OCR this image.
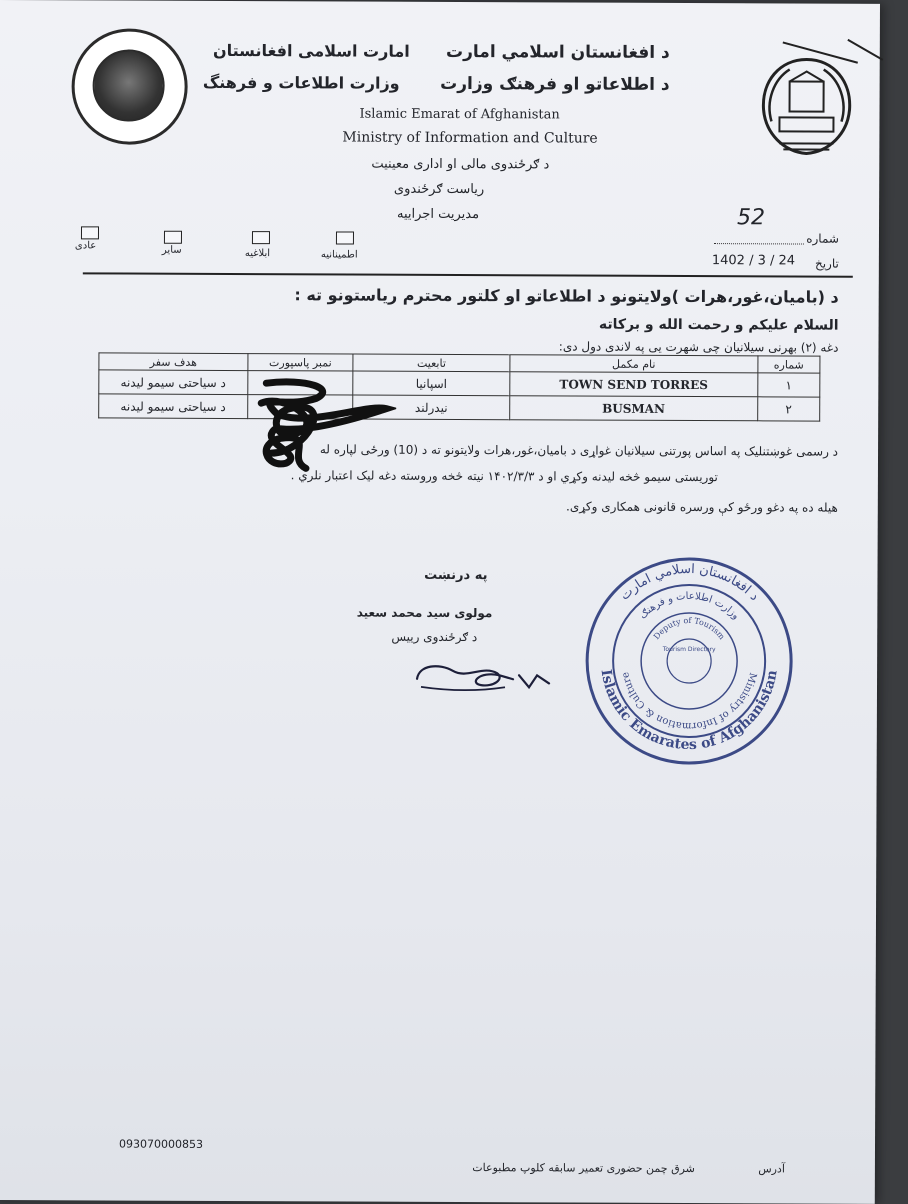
د افغانستان اسلامي امارت
د اطلاعاتو او فرهنګ وزارت
امارت اسلامی افغانستان
وزارت اطلاعات و فرهنگ
Islamic Emarat of Afghanistan
Ministry of Information and Culture
د ګرځندوی مالی او اداری معینیت
ریاست ګرځندوی
مدیریت اجراییه
عادی	سایر	ابلاغیه	اطمینانیه
شماره
52
تاریخ
1402 / 3 / 24
د (بامیان،غور،هرات )ولایتونو د اطلاعاتو او کلتور محترم ریاستونو ته :
السلام علیکم و رحمت الله و برکاته
دغه (۲) بهرنی سیلانیان چی شهرت یی په لاندی دول دی:
هدف سفر	نمبر پاسپورت	تابعیت	نام مکمل	شماره
د سیاحتی سیمو لیدنه		اسپانیا	TOWN SEND TORRES	۱
د سیاحتی سیمو لیدنه		نیدرلند	BUSMAN	۲
د رسمی غوښتنلیک په اساس پورتنی سیلانیان غواړی د بامیان،غور،هرات ولایتونو ته د (10) ورځی لپاره له
توریستی سیمو څخه لیدنه وکړي او د ۱۴۰۲/۳/۳ نیته څخه وروسته دغه لیک اعتبار نلري .
هیله ده په دغو ورځو کې ورسره قانونی همکاری وکړی.
په درنښت
مولوی سید محمد سعید
د ګرځندوی رییس
Islamic Emarates of Afghanistan
د افغانستان اسلامي امارت
Ministry of Information & Culture
وزارت اطلاعات و فرهنګ
Deputy of Tourism
Tourism Directory
093070000853
شرق چمن حضوری تعمیر سابقه کلوپ مطبوعات	آدرس
